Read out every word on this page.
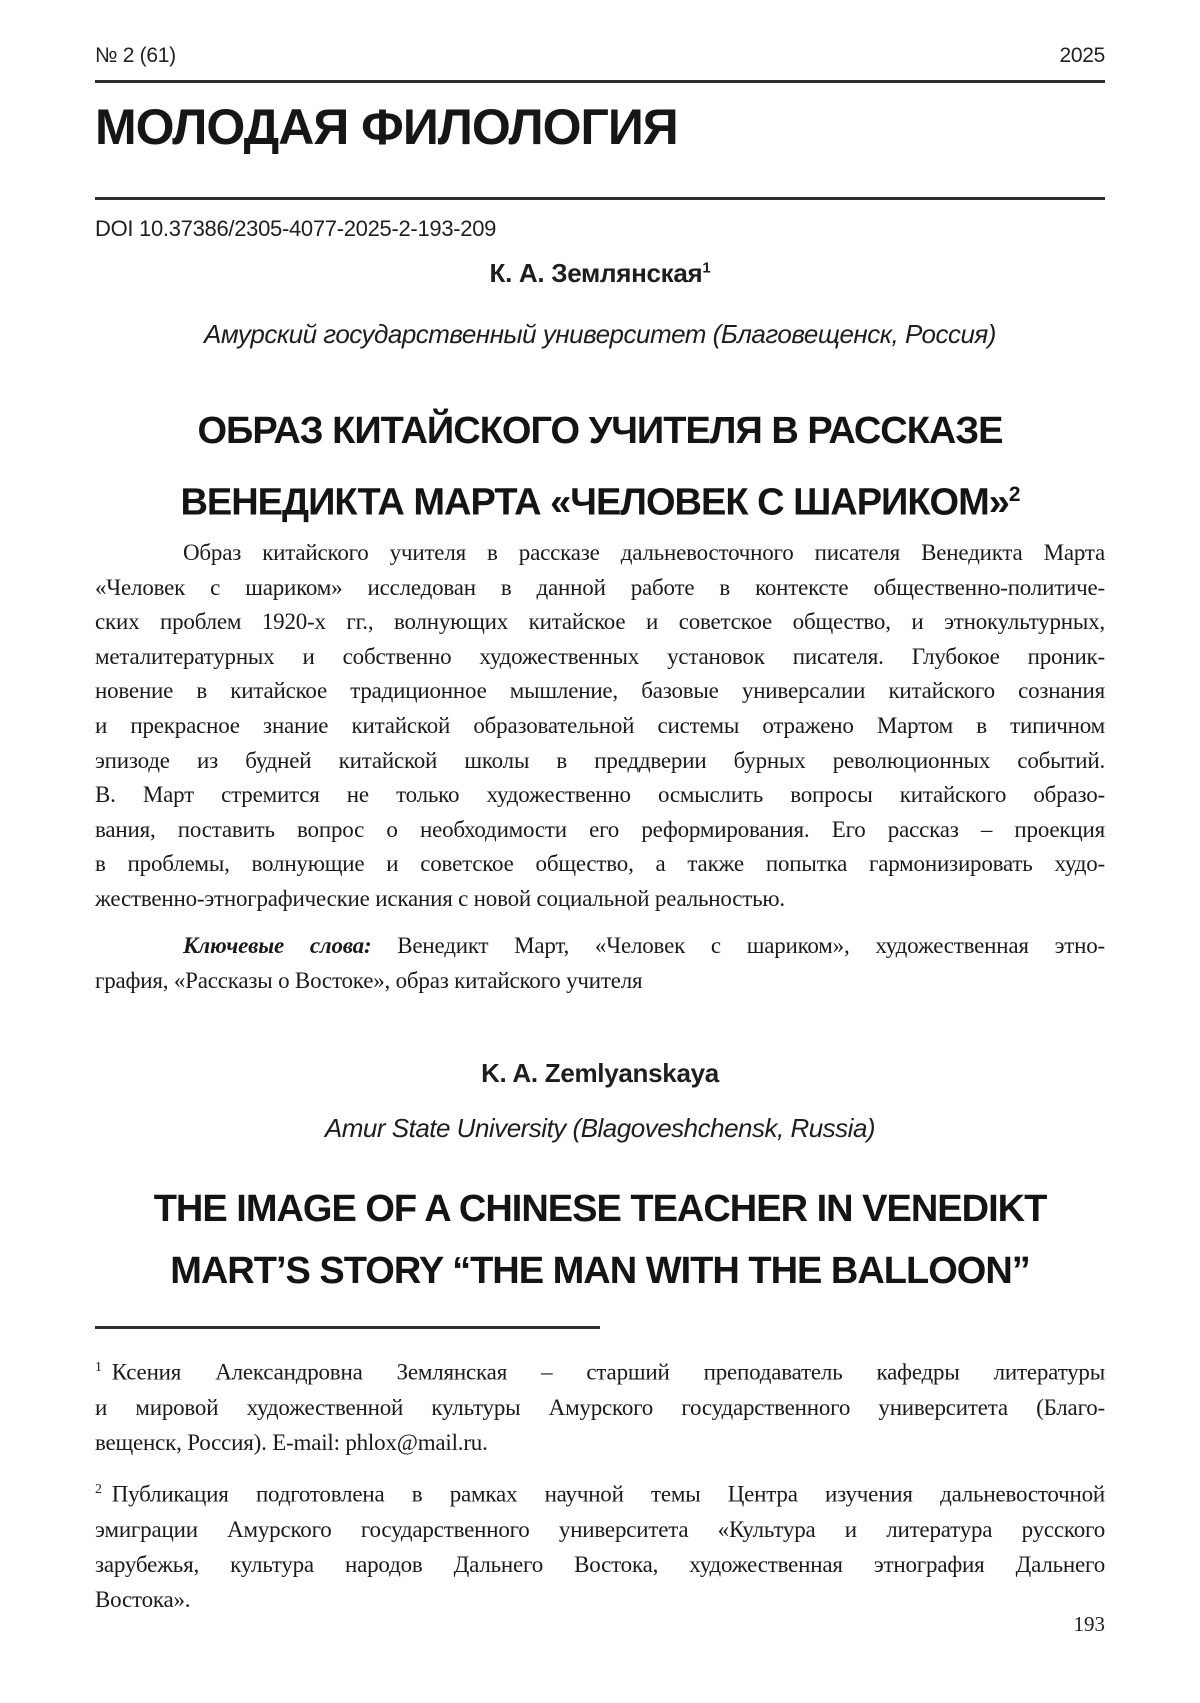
№ 2 (61)	2025
МОЛОДАЯ ФИЛОЛОГИЯ
DOI 10.37386/2305-4077-2025-2-193-209
К. А. Землянская$^1$
Амурский государственный университет (Благовещенск, Россия)
ОБРАЗ КИТАЙСКОГО УЧИТЕЛЯ В РАССКАЗЕ
ВЕНЕДИКТА МАРТА «ЧЕЛОВЕК С ШАРИКОМ»$^2$
Образ китайского учителя в рассказе дальневосточного писателя Венедикта Марта
«Человек с шариком» исследован в данной работе в контексте общественно-политиче-
ских проблем 1920-х гг., волнующих китайское и советское общество, и этнокультурных,
металитературных и собственно художественных установок писателя. Глубокое проник-
новение в китайское традиционное мышление, базовые универсалии китайского сознания
и прекрасное знание китайской образовательной системы отражено Мартом в типичном
эпизоде из будней китайской школы в преддверии бурных революционных событий.
В. Март стремится не только художественно осмыслить вопросы китайского образо-
вания, поставить вопрос о необходимости его реформирования. Его рассказ – проекция
в проблемы, волнующие и советское общество, а также попытка гармонизировать худо-
жественно-этнографические искания с новой социальной реальностью.
Ключевые слова: Венедикт Март, «Человек с шариком», художественная этно-
графия, «Рассказы о Востоке», образ китайского учителя
K. A. Zemlyanskaya
Amur State University (Blagoveshchensk, Russia)
THE IMAGE OF A CHINESE TEACHER IN VENEDIKT
MART’S STORY “THE MAN WITH THE BALLOON”
$^1$ Ксения Александровна Землянская – старший преподаватель кафедры литературы
и мировой художественной культуры Амурского государственного университета (Благо-
вещенск, Россия). E-mail: phlox@mail.ru.
$^2$ Публикация подготовлена в рамках научной темы Центра изучения дальневосточной
эмиграции Амурского государственного университета «Культура и литература русского
зарубежья, культура народов Дальнего Востока, художественная этнография Дальнего
Востока».
193
